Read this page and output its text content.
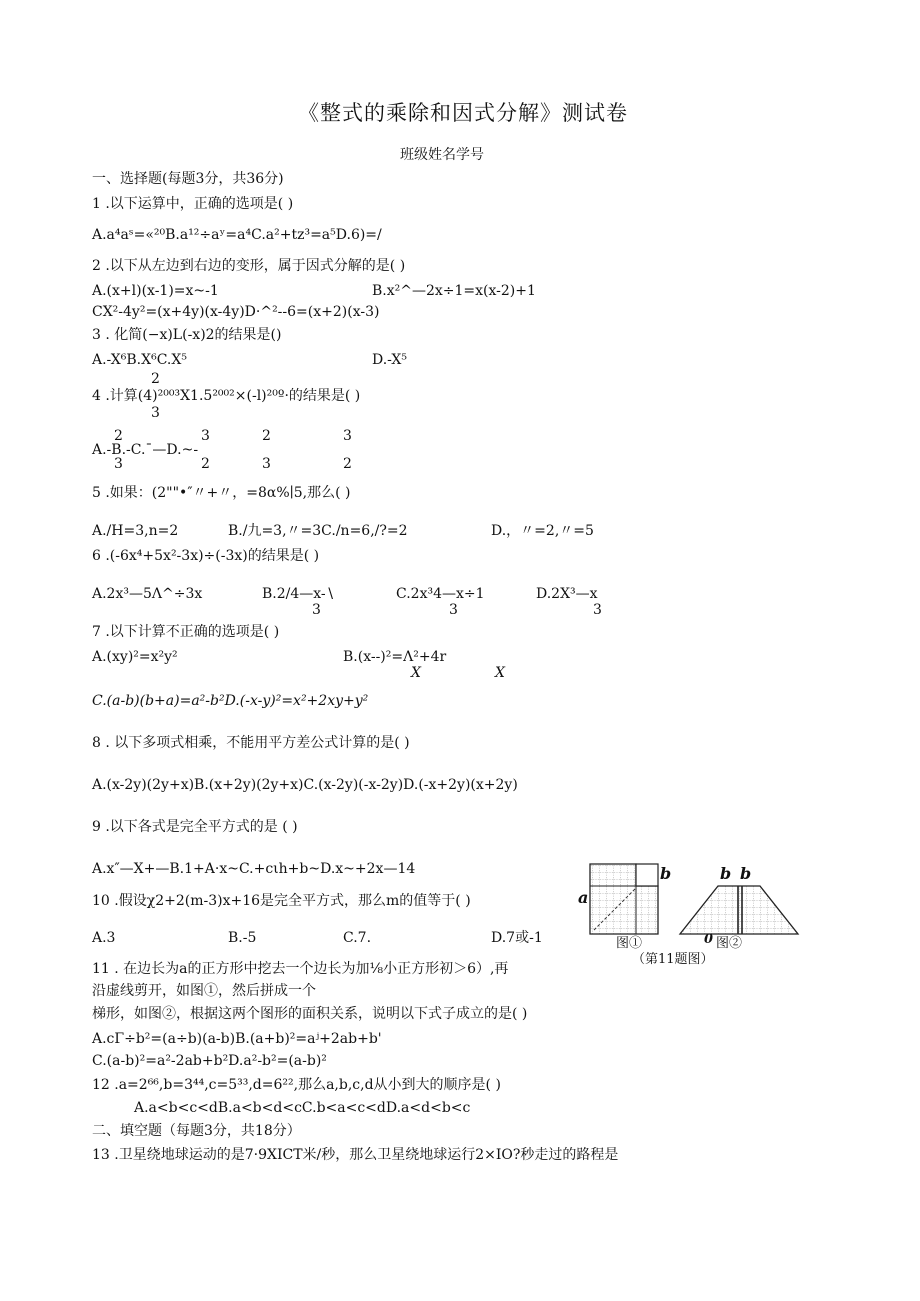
《整式的乘除和因式分解》测试卷
班级姓名学号
一、选择题(每题3分，共36分)
1 .以下运算中，正确的选项是( )
A.a⁴aˢ=«²⁰B.a¹²÷aʸ=a⁴C.a²+tz³=a⁵D.6)=/
2 .以下从左边到右边的变形，属于因式分解的是( )
A.(x+l)(x-1)=x~-1	B.x²^—2x÷1=x(x-2)+1
CX²-4y²=(x+4y)(x-4y)D·^²--6=(x+2)(x-3)
3 . 化简(−x)L(-x)2的结果是()
A.-X⁶B.X⁶C.X⁵	D.-X⁵
2
4 .计算(4)²⁰⁰³X1.5²⁰⁰²×(-l)²⁰º·的结果是( )
3
2	3	2	3
A.-B.-C.¯—D.~-
3	2	3	2
5 .如果：(2""•″〃+〃，=8α%∣5,那么( )
A./H=3,n=2	B./九=3,〃=3C./n=6,/?=2	D.，〃=2,〃=5
6 .(-6x⁴+5x²-3x)÷(-3x)的结果是( )
A.2x³—5Λ^÷3x	B.2/4—x-∖	C.2x³4—x÷1	D.2X³—x
3	3	3
7 .以下计算不正确的选项是( )
A.(xy)²=x²y²	B.(x--)²=Λ²+4r
X	X
C.(a-b)(b+a)=a²-b²D.(-x-y)²=x²+2xy+y²
8 . 以下多项式相乘，不能用平方差公式计算的是( )
A.(x-2y)(2y+x)B.(x+2y)(2y+x)C.(x-2y)(-x-2y)D.(-x+2y)(x+2y)
9 .以下各式是完全平方式的是 ( )
A.x″—X+—B.1+A·x~C.+cιh+b~D.x~+2x—14
10 .假设χ2+2(m-3)x+16是完全平方式，那么m的值等于( )
A.3	B.-5	C.7.	D.7或-1
11 . 在边长为a的正方形中挖去一个边长为加⅛小正方形初＞6）,再
沿虚线剪开，如图①，然后拼成一个
梯形，如图②，根据这两个图形的面积关系，说明以下式子成立的是( )
A.cΓ÷b²=(a÷b)(a-b)B.(a+b)²=aʲ+2ab+b'
C.(a-b)²=a²-2ab+b²D.a²-b²=(a-b)²
12 .a=2⁶⁶,b=3⁴⁴,c=5³³,d=6²²,那么a,b,c,d从小到大的顺序是( )
A.a<b<c<dB.a<b<d<cC.b<a<c<dD.a<d<b<c
二、填空题（每题3分，共18分）
13 .卫星绕地球运动的是7·9XICT米/秒，那么卫星绕地球运行2×IO?秒走过的路程是
a
b	b b
图①	0 图②
（第11题图）
